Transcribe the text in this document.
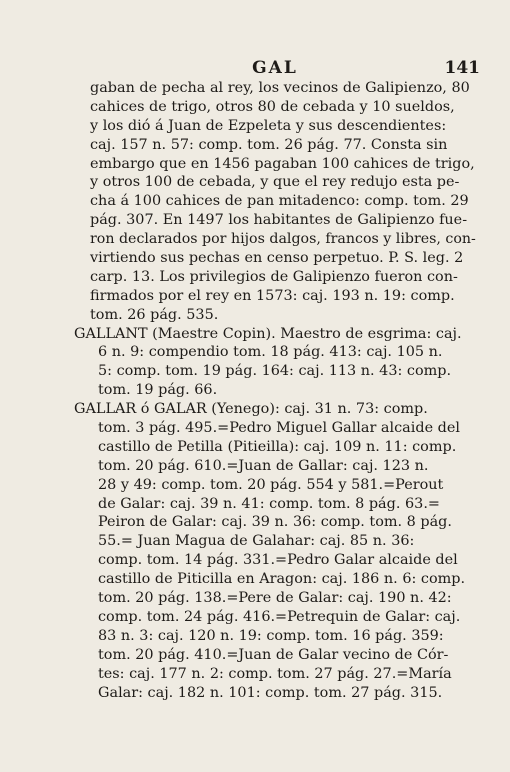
GAL	141
gaban de pecha al rey, los vecinos de Galipienzo, 80
cahices de trigo, otros 80 de cebada y 10 sueldos,
y los dió á Juan de Ezpeleta y sus descendientes:
caj. 157 n. 57: comp. tom. 26 pág. 77. Consta sin
embargo que en 1456 pagaban 100 cahices de trigo,
y otros 100 de cebada, y que el rey redujo esta pe-
cha á 100 cahices de pan mitadenco: comp. tom. 29
pág. 307. En 1497 los habitantes de Galipienzo fue-
ron declarados por hijos dalgos, francos y libres, con-
virtiendo sus pechas en censo perpetuo. P. S. leg. 2
carp. 13. Los privilegios de Galipienzo fueron con-
firmados por el rey en 1573: caj. 193 n. 19: comp.
tom. 26 pág. 535.
GALLANT (Maestre Copin). Maestro de esgrima: caj.
6 n. 9: compendio tom. 18 pág. 413: caj. 105 n.
5: comp. tom. 19 pág. 164: caj. 113 n. 43: comp.
tom. 19 pág. 66.
GALLAR ó GALAR (Yenego): caj. 31 n. 73: comp.
tom. 3 pág. 495.=Pedro Miguel Gallar alcaide del
castillo de Petilla (Pitieilla): caj. 109 n. 11: comp.
tom. 20 pág. 610.=Juan de Gallar: caj. 123 n.
28 y 49: comp. tom. 20 pág. 554 y 581.=Perout
de Galar: caj. 39 n. 41: comp. tom. 8 pág. 63.=
Peiron de Galar: caj. 39 n. 36: comp. tom. 8 pág.
55.= Juan Magua de Galahar: caj. 85 n. 36:
comp. tom. 14 pág. 331.=Pedro Galar alcaide del
castillo de Piticilla en Aragon: caj. 186 n. 6: comp.
tom. 20 pág. 138.=Pere de Galar: caj. 190 n. 42:
comp. tom. 24 pág. 416.=Petrequin de Galar: caj.
83 n. 3: caj. 120 n. 19: comp. tom. 16 pág. 359:
tom. 20 pág. 410.=Juan de Galar vecino de Cór-
tes: caj. 177 n. 2: comp. tom. 27 pág. 27.=María
Galar: caj. 182 n. 101: comp. tom. 27 pág. 315.
